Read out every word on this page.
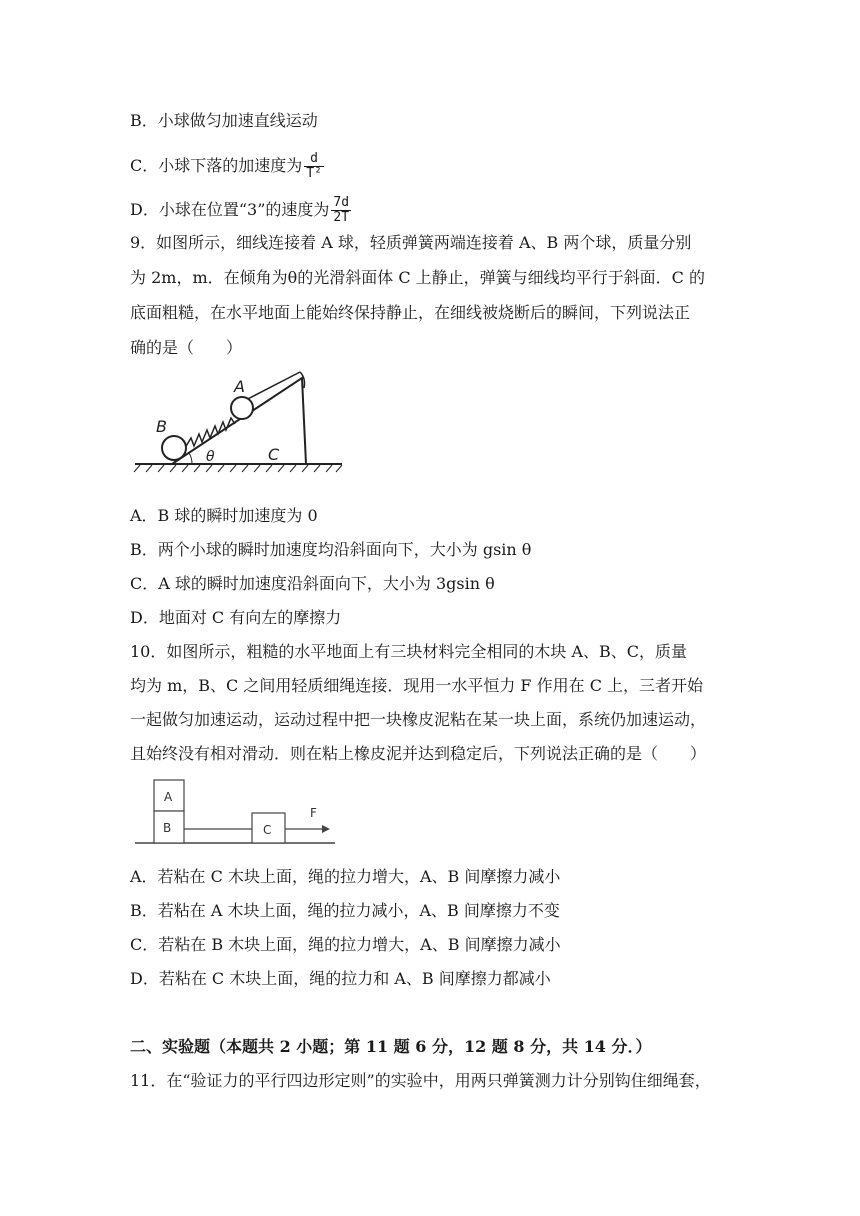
B．小球做匀加速直线运动
C．小球下落的加速度为 $\frac{d}{\text{T²}}$
D．小球在位置“3”的速度为 $\frac{7d}{2T}$
9．如图所示，细线连接着 A 球，轻质弹簧两端连接着 A、B 两个球，质量分别
为 2m，m．在倾角为θ的光滑斜面体 C 上静止，弹簧与细线均平行于斜面．C 的
底面粗糙，在水平地面上能始终保持静止，在细线被烧断后的瞬间，下列说法正
确的是（　　）
A
B
C
θ
A．B 球的瞬时加速度为 0
B．两个小球的瞬时加速度均沿斜面向下，大小为 gsin θ
C．A 球的瞬时加速度沿斜面向下，大小为 3gsin θ
D．地面对 C 有向左的摩擦力
10．如图所示，粗糙的水平地面上有三块材料完全相同的木块 A、B、C，质量
均为 m，B、C 之间用轻质细绳连接．现用一水平恒力 F 作用在 C 上，三者开始
一起做匀加速运动，运动过程中把一块橡皮泥粘在某一块上面，系统仍加速运动，
且始终没有相对滑动．则在粘上橡皮泥并达到稳定后，下列说法正确的是（　　）
A
B	C
F
A．若粘在 C 木块上面，绳的拉力增大，A、B 间摩擦力减小
B．若粘在 A 木块上面，绳的拉力减小，A、B 间摩擦力不变
C．若粘在 B 木块上面，绳的拉力增大，A、B 间摩擦力减小
D．若粘在 C 木块上面，绳的拉力和 A、B 间摩擦力都减小
二、实验题（本题共 2 小题；第 11 题 6 分，12 题 8 分，共 14 分．）
11．在“验证力的平行四边形定则”的实验中，用两只弹簧测力计分别钩住细绳套，
